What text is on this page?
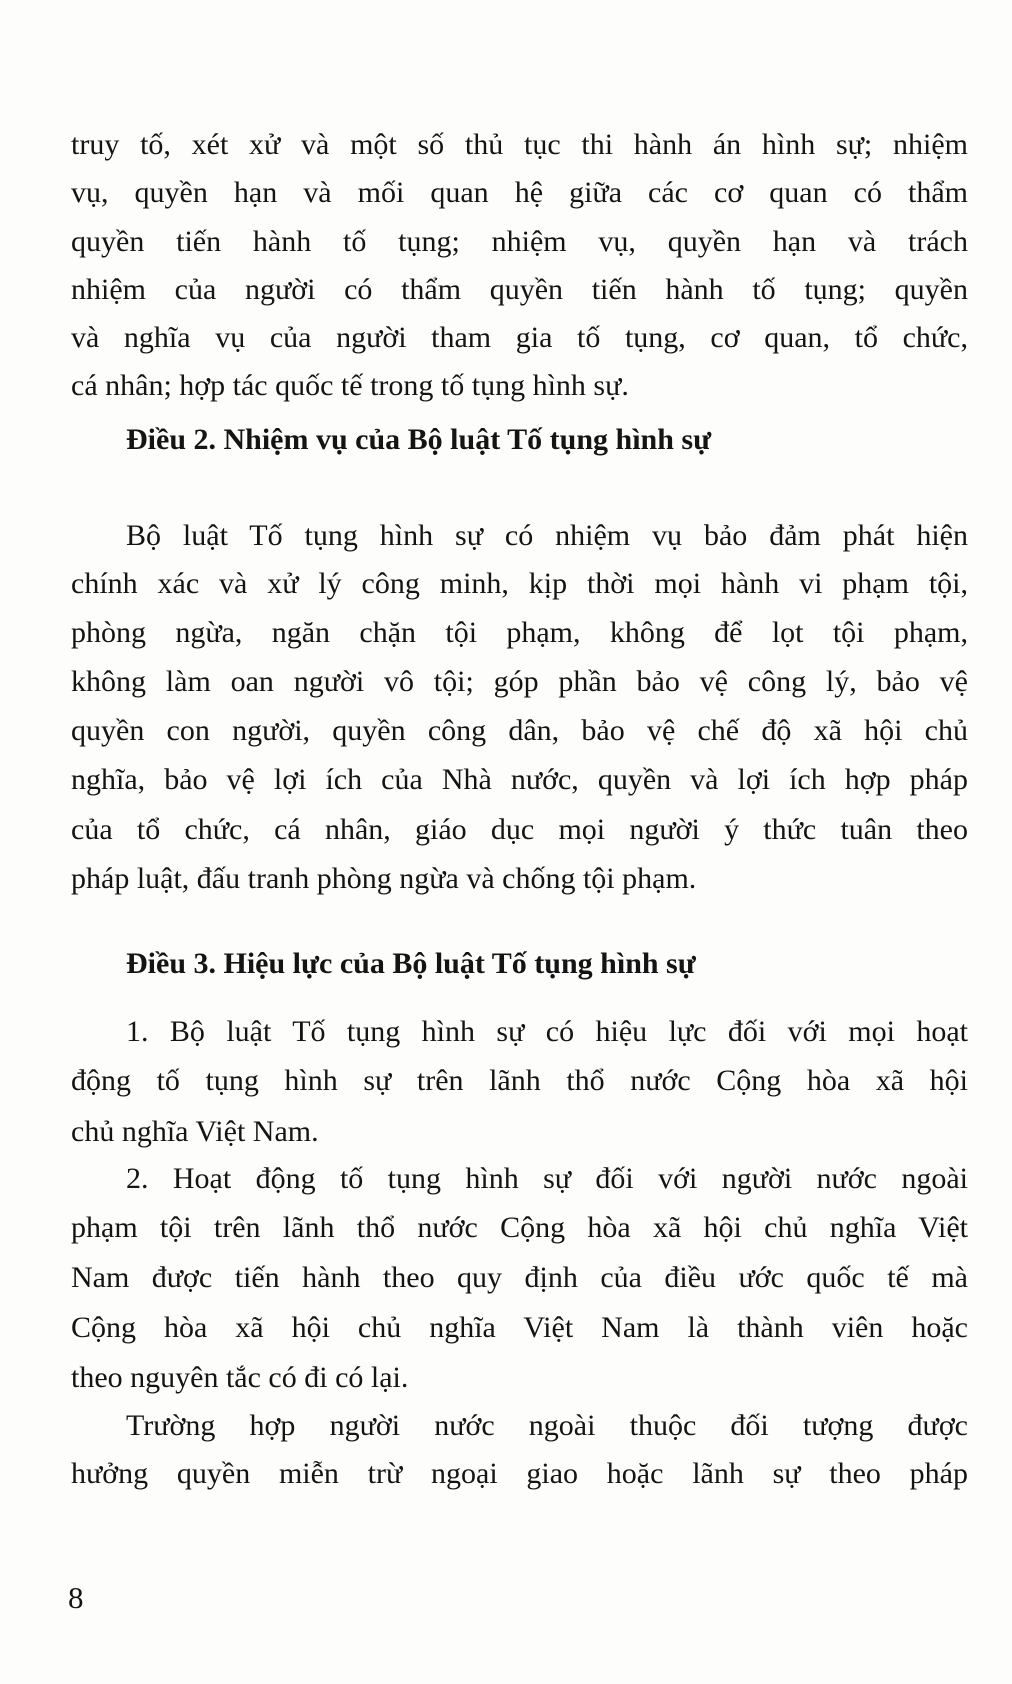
truy tố, xét xử và một số thủ tục thi hành án hình sự; nhiệm
vụ, quyền hạn và mối quan hệ giữa các cơ quan có thẩm
quyền tiến hành tố tụng; nhiệm vụ, quyền hạn và trách
nhiệm của người có thẩm quyền tiến hành tố tụng; quyền
và nghĩa vụ của người tham gia tố tụng, cơ quan, tổ chức,
cá nhân; hợp tác quốc tế trong tố tụng hình sự.
Điều 2. Nhiệm vụ của Bộ luật Tố tụng hình sự
Bộ luật Tố tụng hình sự có nhiệm vụ bảo đảm phát hiện
chính xác và xử lý công minh, kịp thời mọi hành vi phạm tội,
phòng ngừa, ngăn chặn tội phạm, không để lọt tội phạm,
không làm oan người vô tội; góp phần bảo vệ công lý, bảo vệ
quyền con người, quyền công dân, bảo vệ chế độ xã hội chủ
nghĩa, bảo vệ lợi ích của Nhà nước, quyền và lợi ích hợp pháp
của tổ chức, cá nhân, giáo dục mọi người ý thức tuân theo
pháp luật, đấu tranh phòng ngừa và chống tội phạm.
Điều 3. Hiệu lực của Bộ luật Tố tụng hình sự
1. Bộ luật Tố tụng hình sự có hiệu lực đối với mọi hoạt
động tố tụng hình sự trên lãnh thổ nước Cộng hòa xã hội
chủ nghĩa Việt Nam.
2. Hoạt động tố tụng hình sự đối với người nước ngoài
phạm tội trên lãnh thổ nước Cộng hòa xã hội chủ nghĩa Việt
Nam được tiến hành theo quy định của điều ước quốc tế mà
Cộng hòa xã hội chủ nghĩa Việt Nam là thành viên hoặc
theo nguyên tắc có đi có lại.
Trường hợp người nước ngoài thuộc đối tượng được
hưởng quyền miễn trừ ngoại giao hoặc lãnh sự theo pháp
8
